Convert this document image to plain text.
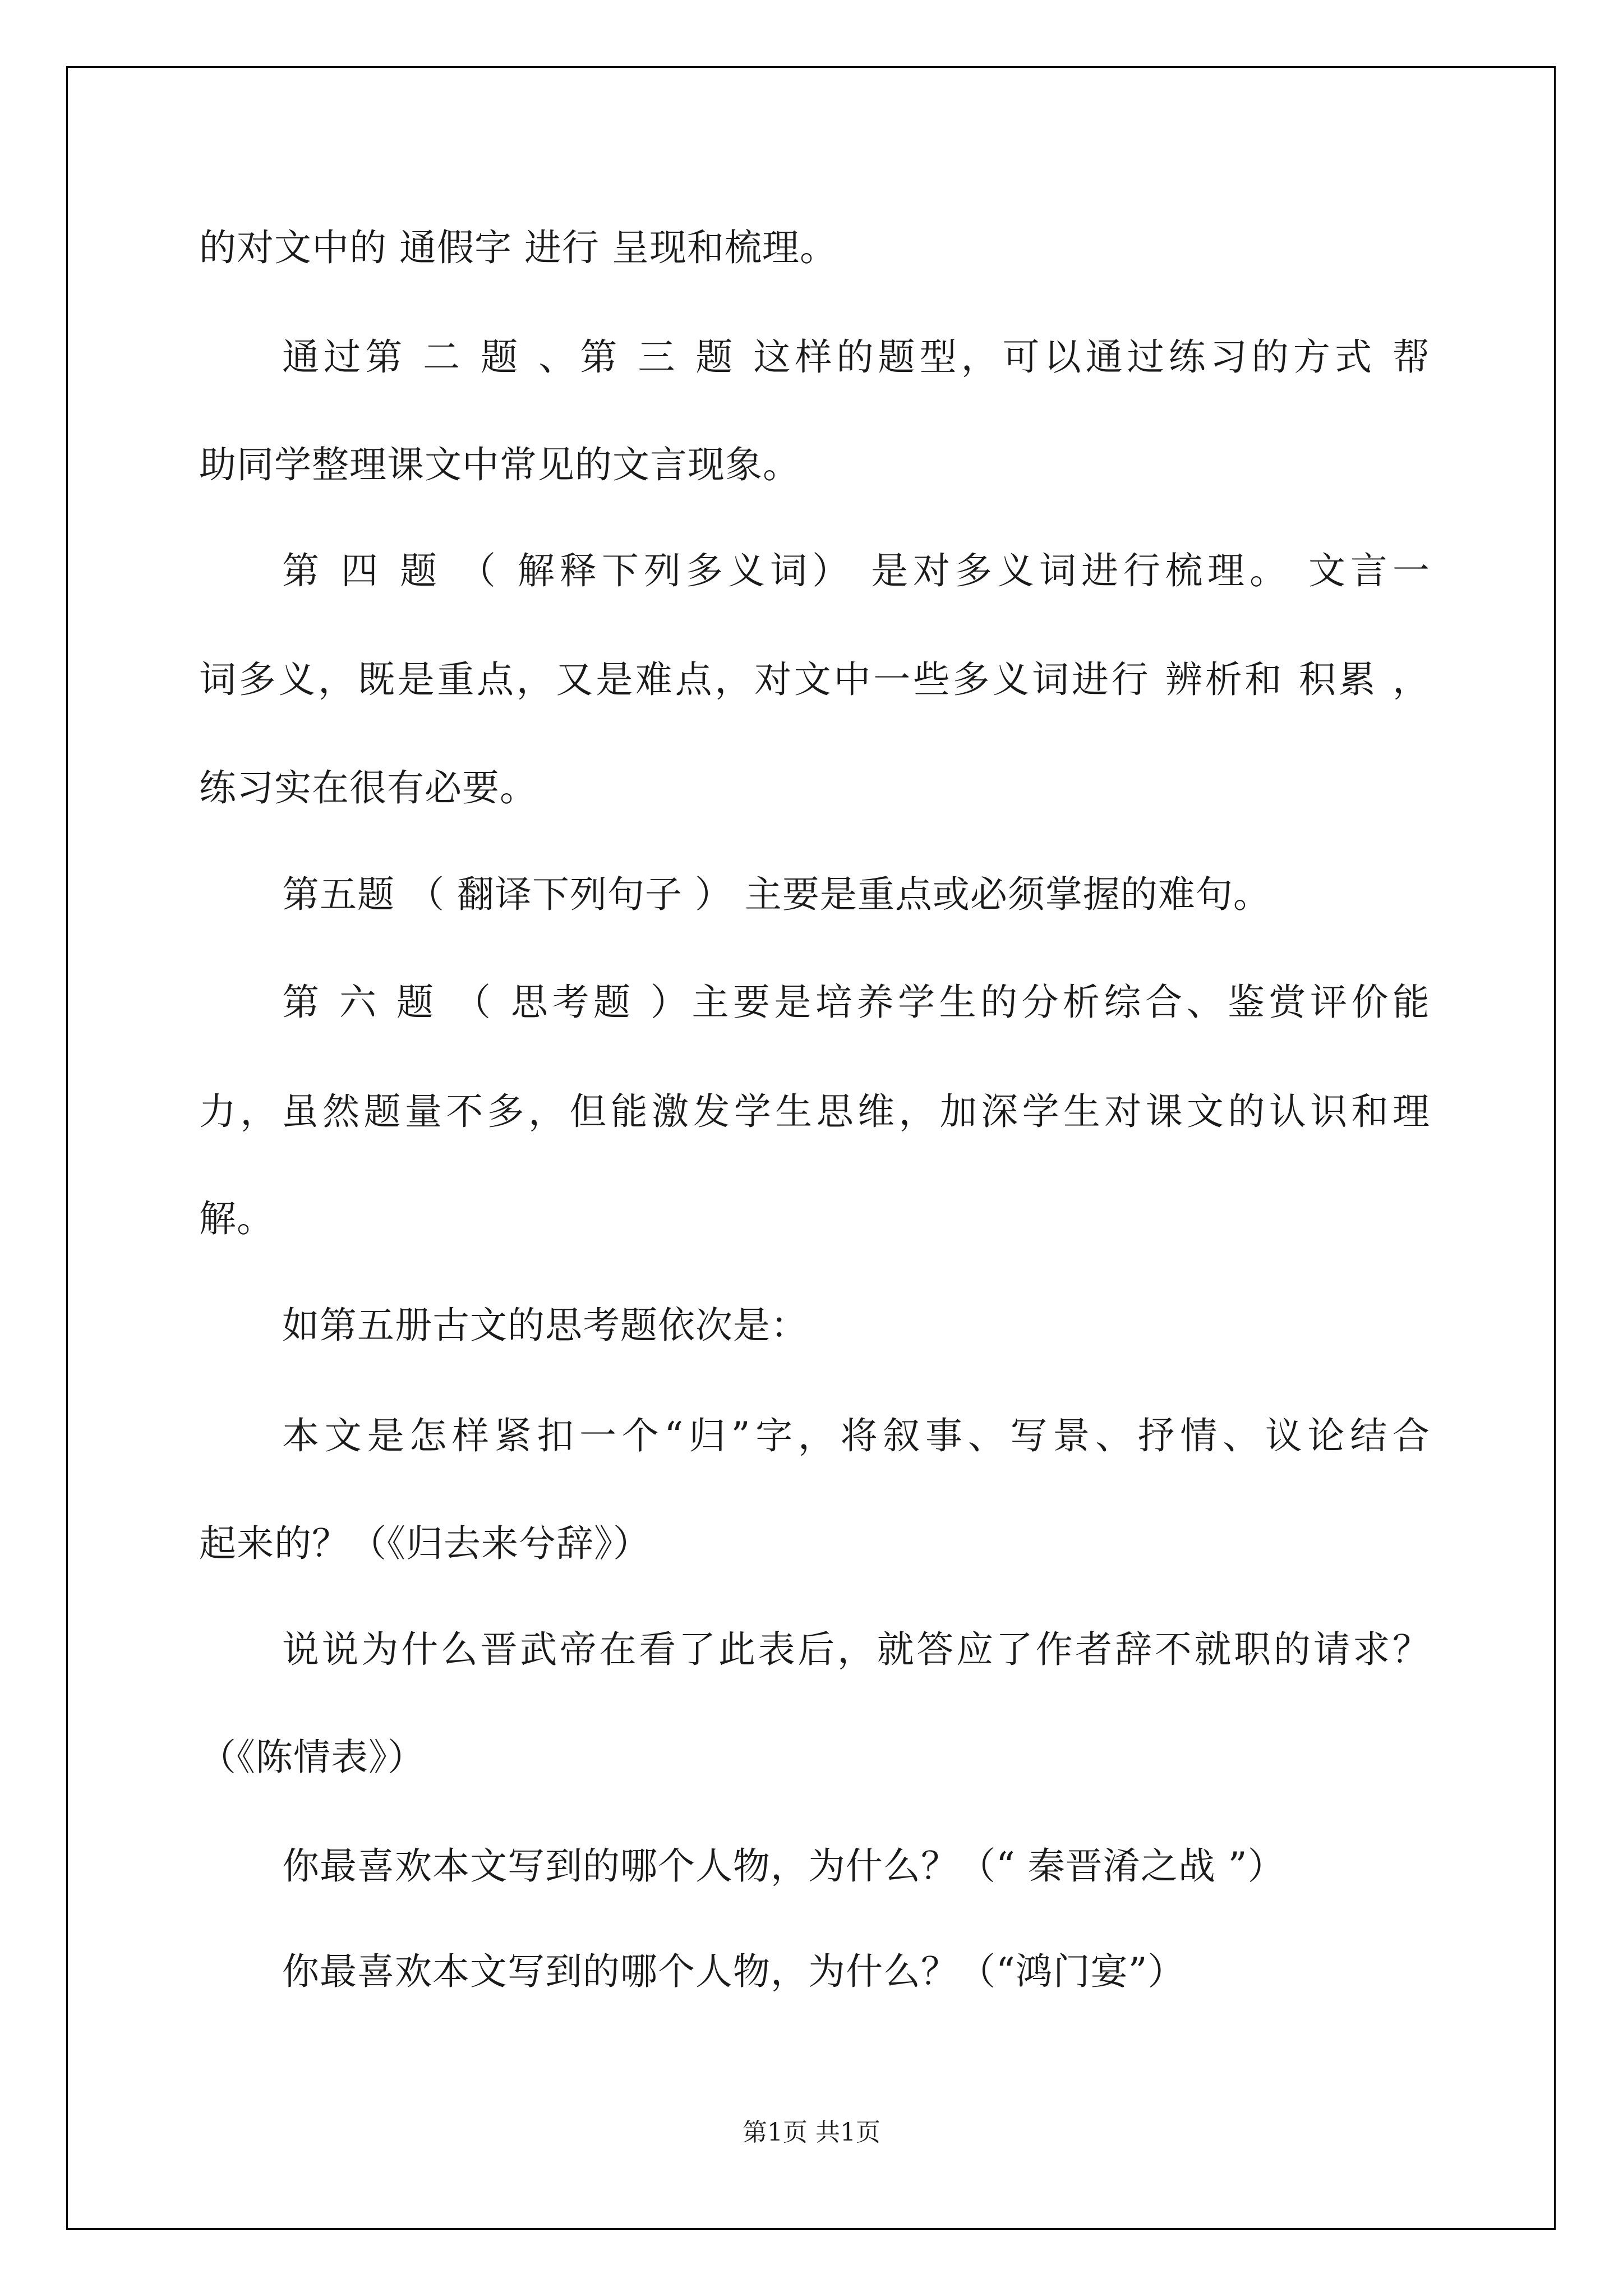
的对文中的 通假字 进行 呈现和梳理。
通过第 二 题 、第 三 题 这样的题型，可以通过练习的方式 帮
助同学整理课文中常见的文言现象。
第 四 题 （ 解释下列多义词） 是对多义词进行梳理。 文言一
词多义，既是重点，又是难点，对文中一些多义词进行 辨析和 积累 ，
练习实在很有必要。
第五题 （ 翻译下列句子 ） 主要是重点或必须掌握的难句。
第 六 题 （ 思考题 ）主要是培养学生的分析综合、鉴赏评价能
力，虽然题量不多，但能激发学生思维，加深学生对课文的认识和理
解。
如第五册古文的思考题依次是：
本文是怎样紧扣一个“归”字，将叙事、写景、抒情、议论结合
起来的？（《归去来兮辞》）
说说为什么晋武帝在看了此表后，就答应了作者辞不就职的请求？
（《陈情表》）
你最喜欢本文写到的哪个人物，为什么？（“ 秦晋淆之战 ”）
你最喜欢本文写到的哪个人物，为什么？（“鸿门宴”）
第1页 共1页
